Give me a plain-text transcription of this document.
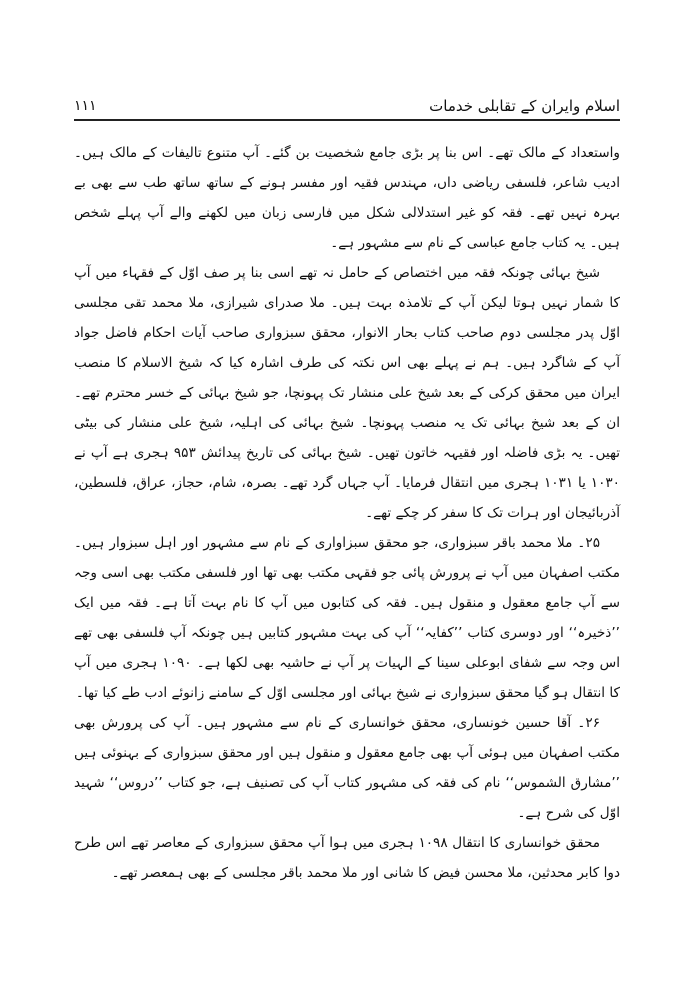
۱۱۱	اسلام وایران کے تقابلی خدمات

واستعداد کے مالک تھے۔ اس بنا پر بڑی جامع شخصیت بن گئے۔ آپ متنوع تالیفات کے مالک ہیں۔ ادیب شاعر، فلسفی ریاضی داں، مہندس فقیہ اور مفسر ہونے کے ساتھ ساتھ طب سے بھی بے بہرہ نہیں تھے۔ فقہ کو غیر استدلالی شکل میں فارسی زبان میں لکھنے والے آپ پہلے شخص ہیں۔ یہ کتاب جامع عباسی کے نام سے مشہور ہے۔

شیخ بہائی چونکہ فقہ میں اختصاص کے حامل نہ تھے اسی بنا پر صف اوّل کے فقہاء میں آپ کا شمار نہیں ہوتا لیکن آپ کے تلامذہ بہت ہیں۔ ملا صدرای شیرازی، ملا محمد تقی مجلسی اوّل پدر مجلسی دوم صاحب کتاب بحار الانوار، محقق سبزواری صاحب آیات احکام فاضل جواد آپ کے شاگرد ہیں۔ ہم نے پہلے بھی اس نکتہ کی طرف اشارہ کیا کہ شیخ الاسلام کا منصب ایران میں محقق کرکی کے بعد شیخ علی منشار تک پہونچا، جو شیخ بہائی کے خسر محترم تھے۔ ان کے بعد شیخ بہائی تک یہ منصب پہونچا۔ شیخ بہائی کی اہلیہ، شیخ علی منشار کی بیٹی تھیں۔ یہ بڑی فاضلہ اور فقیہہ خاتون تھیں۔ شیخ بہائی کی تاریخ پیدائش ۹۵۳ ہجری ہے آپ نے ۱۰۳۰ یا ۱۰۳۱ ہجری میں انتقال فرمایا۔ آپ جہاں گرد تھے۔ بصرہ، شام، حجاز، عراق، فلسطین، آذربائیجان اور ہرات تک کا سفر کر چکے تھے۔

۲۵۔ ملا محمد باقر سبزواری، جو محقق سبزاواری کے نام سے مشہور اور اہل سبزوار ہیں۔ مکتب اصفہان میں آپ نے پرورش پائی جو فقہی مکتب بھی تھا اور فلسفی مکتب بھی اسی وجہ سے آپ جامع معقول و منقول ہیں۔ فقہ کی کتابوں میں آپ کا نام بہت آتا ہے۔ فقہ میں ایک ’’ذخیرہ‘‘ اور دوسری کتاب ’’کفایہ‘‘ آپ کی بہت مشہور کتابیں ہیں چونکہ آپ فلسفی بھی تھے اس وجہ سے شفای ابوعلی سینا کے الہیات پر آپ نے حاشیہ بھی لکھا ہے۔ ۱۰۹۰ ہجری میں آپ کا انتقال ہو گیا محقق سبزواری نے شیخ بہائی اور مجلسی اوّل کے سامنے زانوئے ادب طے کیا تھا۔

۲۶۔ آقا حسین خونساری، محقق خوانساری کے نام سے مشہور ہیں۔ آپ کی پرورش بھی مکتب اصفہان میں ہوئی آپ بھی جامع معقول و منقول ہیں اور محقق سبزواری کے بہنوئی ہیں ’’مشارق الشموس‘‘ نام کی فقہ کی مشہور کتاب آپ کی تصنیف ہے، جو کتاب ’’دروس‘‘ شہید اوّل کی شرح ہے۔

محقق خوانساری کا انتقال ۱۰۹۸ ہجری میں ہوا آپ محقق سبزواری کے معاصر تھے اس طرح دوا کابر محدثین، ملا محسن فیض کا شانی اور ملا محمد باقر مجلسی کے بھی ہمعصر تھے۔
